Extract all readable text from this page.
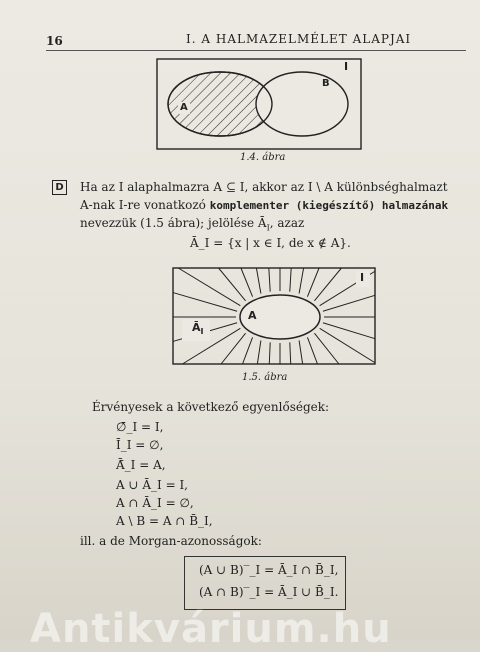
16	I. A HALMAZELMÉLET ALAPJAI
I
A
B
1.4. ábra
D Ha az I alaphalmazra A ⊆ I, akkor az I \ A különbséghalmazt
A-nak I-re vonatkozó komplementer (kiegészítő) halmazának
nevezzük (1.5 ábra); jelölése $Ā_I$, azaz
Ā_I = {x | x ∈ I, de x ∉ A}.
I
A
$Ā_I$
1.5. ábra
Érvényesek a következő egyenlőségek:
∅̄_I = I,
Ī_I = ∅,
Ā̄_I = A,
A ∪ Ā_I = I,
A ∩ Ā_I = ∅,
A \ B = A ∩ B̄_I,
ill. a de Morgan-azonosságok:
(A ∪ B)‾_I = Ā_I ∩ B̄_I,
(A ∩ B)‾_I = Ā_I ∪ B̄_I.
Antikvárium.hu
